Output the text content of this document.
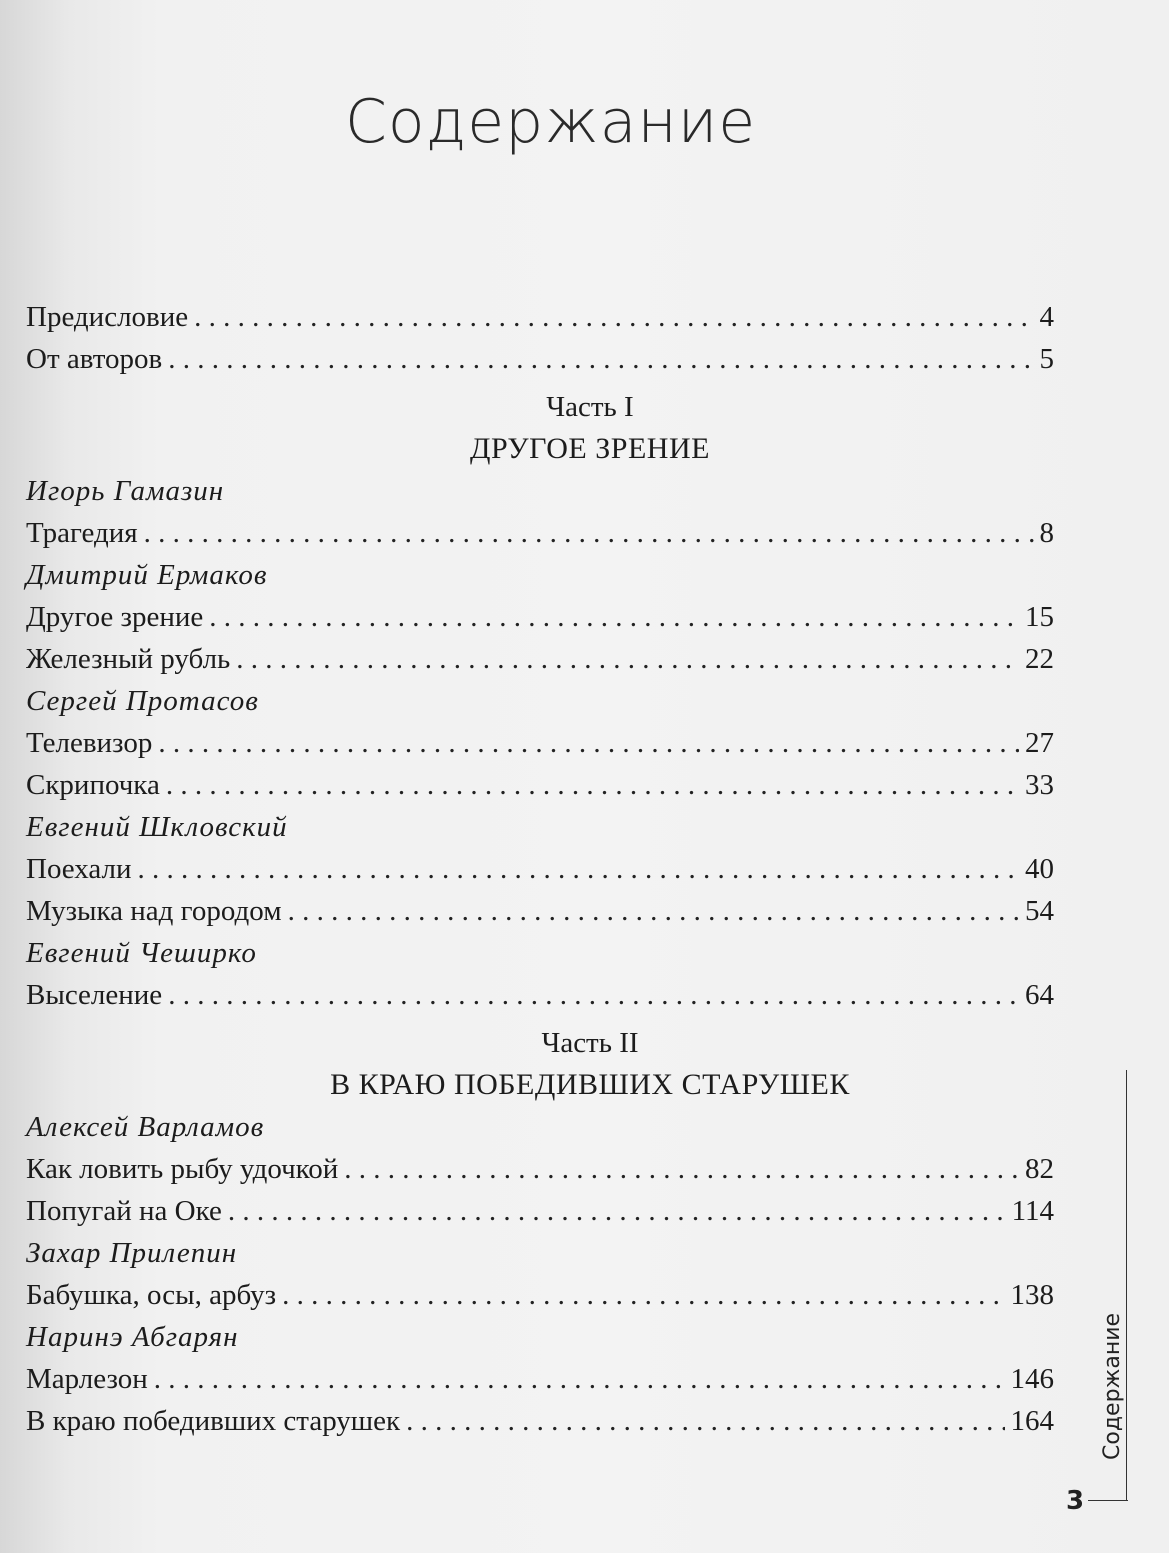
Содержание
Предисловие . . .	4
От авторов . . .	5
Часть I
ДРУГОЕ ЗРЕНИЕ
Игорь Гамазин
Трагедия . . .	8
Дмитрий Ермаков
Другое зрение . . .	15
Железный рубль . . .	22
Сергей Протасов
Телевизор . . .	27
Скрипочка . . .	33
Евгений Шкловский
Поехали . . .	40
Музыка над городом . . .	54
Евгений Чеширко
Выселение . . .	64
Часть II
В КРАЮ ПОБЕДИВШИХ СТАРУШЕК
Алексей Варламов
Как ловить рыбу удочкой . . .	82
Попугай на Оке . . .	114
Захар Прилепин
Бабушка, осы, арбуз . . .	138
Наринэ Абгарян
Марлезон . . .	146
В краю победивших старушек . . .	164 Содержание
3
